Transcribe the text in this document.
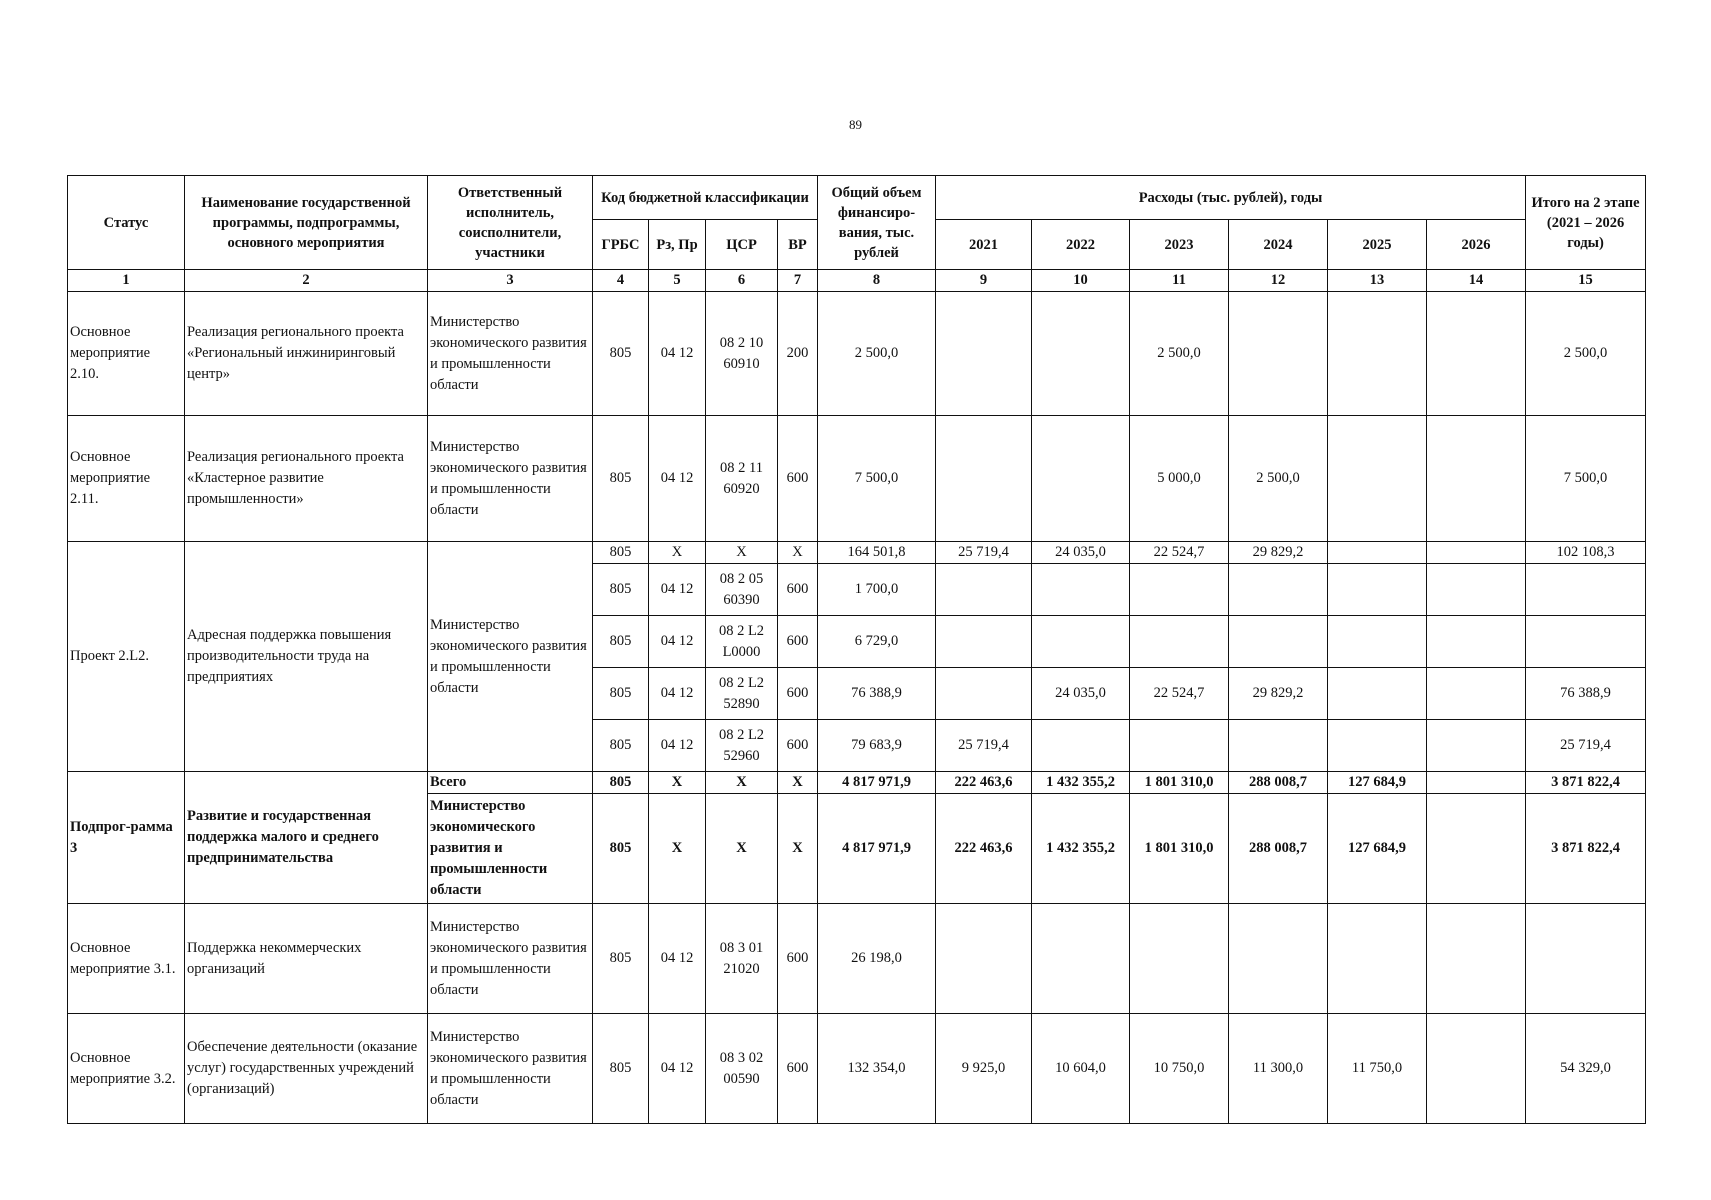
89
Статус	Наименование государственной программы, подпрограммы, основного мероприятия	Ответственный исполнитель, соисполнители, участники	Код бюджетной классификации				Общий объем финансиро-вания, тыс. рублей	Расходы (тыс. рублей), годы						Итого на 2 этапе (2021 – 2026 годы)
			ГРБС	Рз, Пр	ЦСР	ВР		2021	2022	2023	2024	2025	2026	
1	2	3	4	5	6	7	8	9	10	11	12	13	14	15
Основное мероприятие 2.10.	Реализация регионального проекта «Региональный инжиниринговый центр»	Министерство экономического развития и промышленности области	805	04 12	08 2 10 60910	200	2 500,0			2 500,0				2 500,0
Основное мероприятие 2.11.	Реализация регионального проекта «Кластерное развитие промышленности»	Министерство экономического развития и промышленности области	805	04 12	08 2 11 60920	600	7 500,0			5 000,0	2 500,0			7 500,0
Проект 2.L2.	Адресная поддержка повышения производительности труда на предприятиях	Министерство экономического развития и промышленности области	805	X	X	X	164 501,8	25 719,4	24 035,0	22 524,7	29 829,2			102 108,3
			805	04 12	08 2 05 60390	600	1 700,0							
			805	04 12	08 2 L2 L0000	600	6 729,0							
			805	04 12	08 2 L2 52890	600	76 388,9		24 035,0	22 524,7	29 829,2			76 388,9
			805	04 12	08 2 L2 52960	600	79 683,9	25 719,4						25 719,4
Подпрог-рамма 3	Развитие и государственная поддержка малого и среднего предпринимательства	Всего	805	X	X	X	4 817 971,9	222 463,6	1 432 355,2	1 801 310,0	288 008,7	127 684,9		3 871 822,4
		Министерство экономического развития и промышленности области	805	X	X	X	4 817 971,9	222 463,6	1 432 355,2	1 801 310,0	288 008,7	127 684,9		3 871 822,4
Основное мероприятие 3.1.	Поддержка некоммерческих организаций	Министерство экономического развития и промышленности области	805	04 12	08 3 01 21020	600	26 198,0							
Основное мероприятие 3.2.	Обеспечение деятельности (оказание услуг) государственных учреждений (организаций)	Министерство экономического развития и промышленности области	805	04 12	08 3 02 00590	600	132 354,0	9 925,0	10 604,0	10 750,0	11 300,0	11 750,0		54 329,0
